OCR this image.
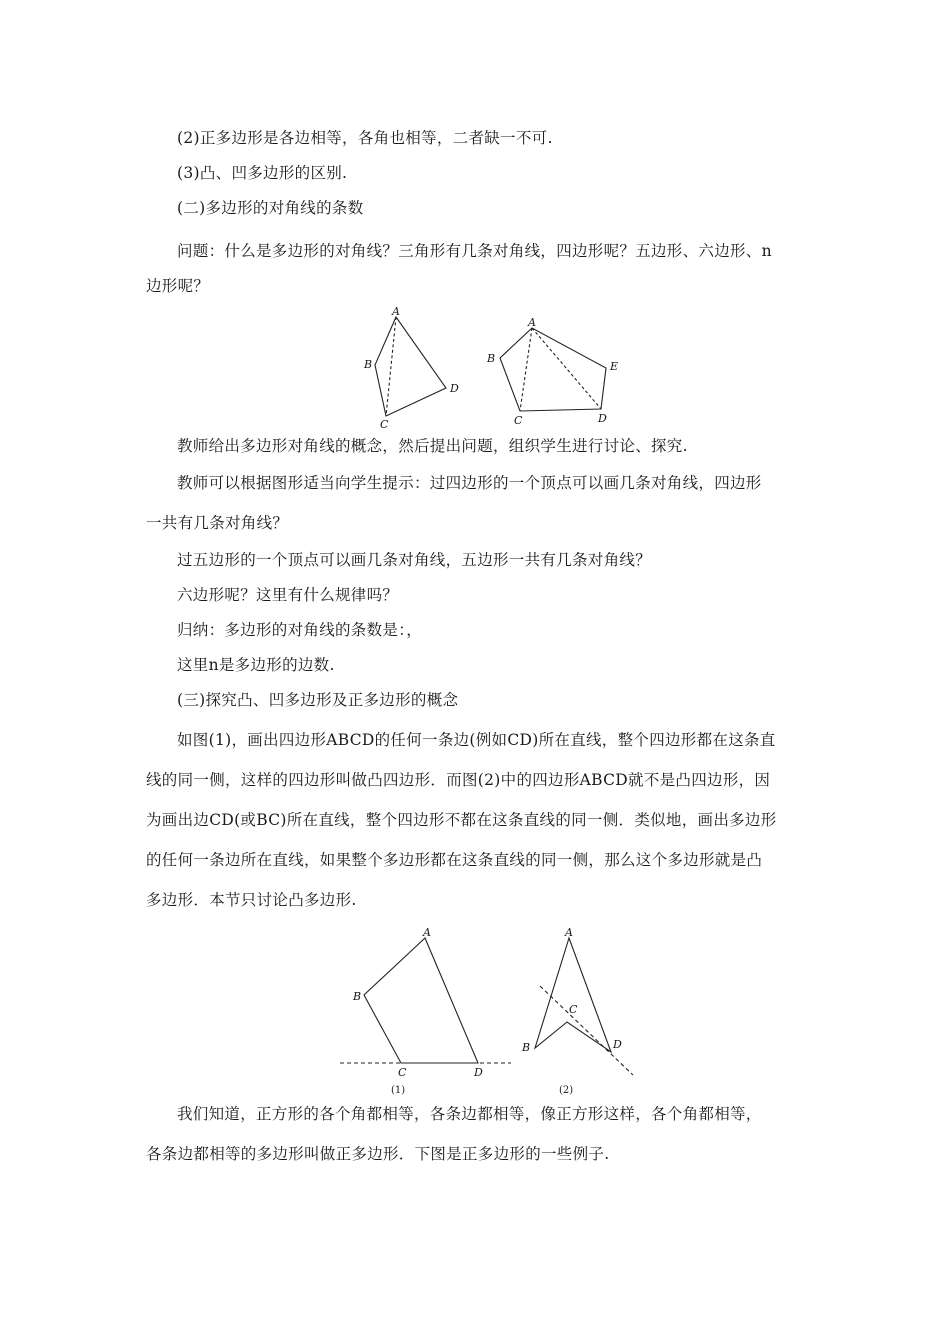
(2)正多边形是各边相等，各角也相等，二者缺一不可.
(3)凸、凹多边形的区别.
(二)多边形的对角线的条数
问题：什么是多边形的对角线？三角形有几条对角线，四边形呢？五边形、六边形、n
边形呢？
A
B
C
D
A
B
C	D
E
教师给出多边形对角线的概念，然后提出问题，组织学生进行讨论、探究.
教师可以根据图形适当向学生提示：过四边形的一个顶点可以画几条对角线，四边形
一共有几条对角线？
过五边形的一个顶点可以画几条对角线，五边形一共有几条对角线？
六边形呢？这里有什么规律吗？
归纳：多边形的对角线的条数是：，
这里n是多边形的边数.
(三)探究凸、凹多边形及正多边形的概念
如图(1)，画出四边形ABCD的任何一条边(例如CD)所在直线，整个四边形都在这条直
线的同一侧，这样的四边形叫做凸四边形．而图(2)中的四边形ABCD就不是凸四边形，因
为画出边CD(或BC)所在直线，整个四边形不都在这条直线的同一侧．类似地，画出多边形
的任何一条边所在直线，如果整个多边形都在这条直线的同一侧，那么这个多边形就是凸
多边形．本节只讨论凸多边形.
A
B
C	D
(1)
A
B
C
D
(2)
我们知道，正方形的各个角都相等，各条边都相等，像正方形这样，各个角都相等，
各条边都相等的多边形叫做正多边形．下图是正多边形的一些例子.
